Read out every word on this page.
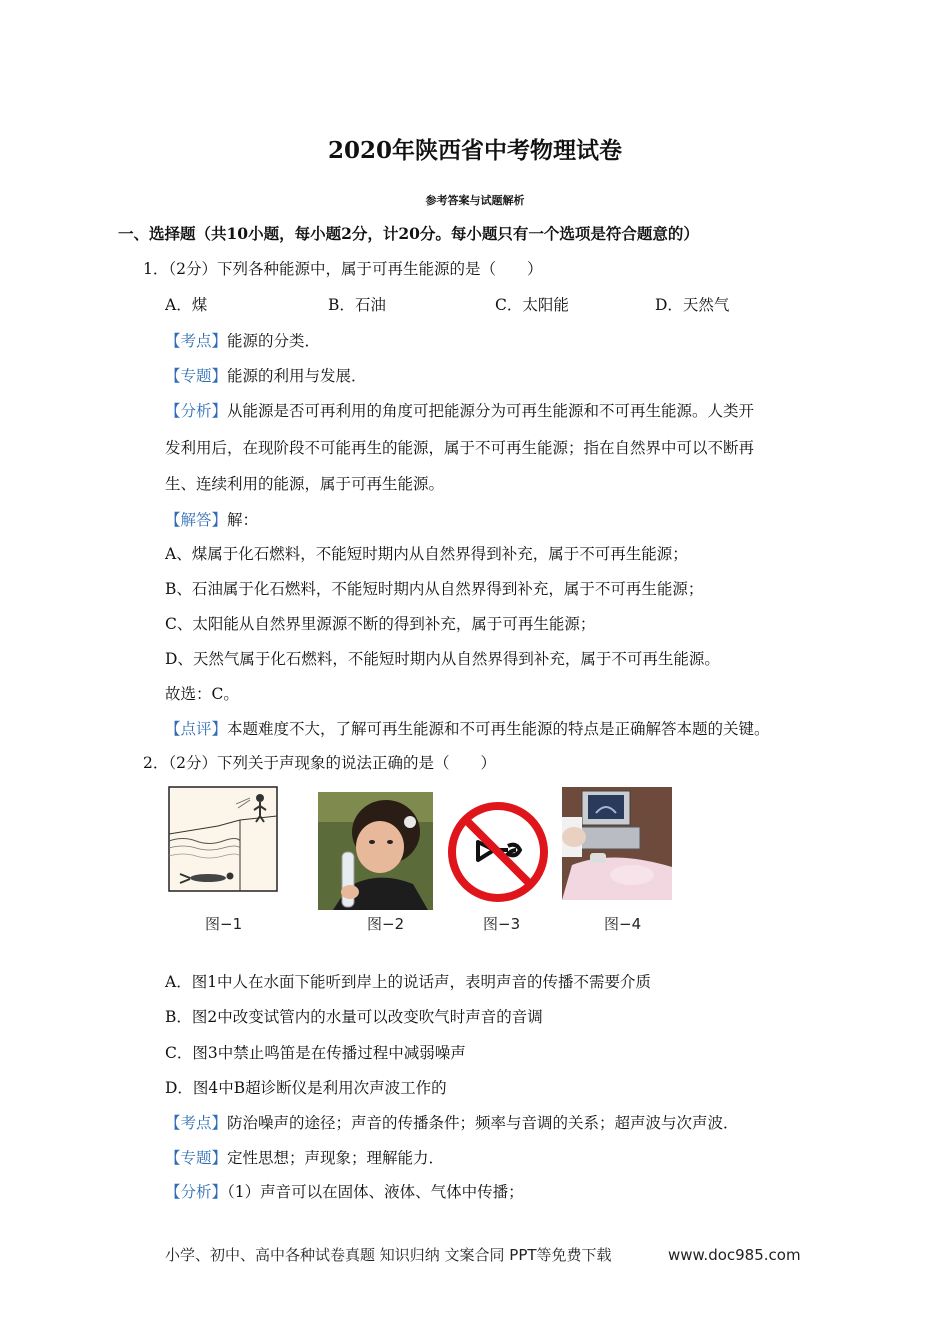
2020年陕西省中考物理试卷
参考答案与试题解析
一、选择题（共10小题，每小题2分，计20分。每小题只有一个选项是符合题意的）
1．（2分）下列各种能源中，属于可再生能源的是（　　）
A．煤	B．石油	C．太阳能	D．天然气
【考点】能源的分类．
【专题】能源的利用与发展．
【分析】从能源是否可再利用的角度可把能源分为可再生能源和不可再生能源。人类开
发利用后，在现阶段不可能再生的能源，属于不可再生能源；指在自然界中可以不断再
生、连续利用的能源，属于可再生能源。
【解答】解：
A、煤属于化石燃料，不能短时期内从自然界得到补充，属于不可再生能源；
B、石油属于化石燃料，不能短时期内从自然界得到补充，属于不可再生能源；
C、太阳能从自然界里源源不断的得到补充，属于可再生能源；
D、天然气属于化石燃料，不能短时期内从自然界得到补充，属于不可再生能源。
故选：C。
【点评】本题难度不大，了解可再生能源和不可再生能源的特点是正确解答本题的关键。
2．（2分）下列关于声现象的说法正确的是（　　）
图−1	图−2	图−3	图−4
A．图1中人在水面下能听到岸上的说话声，表明声音的传播不需要介质
B．图2中改变试管内的水量可以改变吹气时声音的音调
C．图3中禁止鸣笛是在传播过程中减弱噪声
D．图4中B超诊断仪是利用次声波工作的
【考点】防治噪声的途径；声音的传播条件；频率与音调的关系；超声波与次声波．
【专题】定性思想；声现象；理解能力．
【分析】（1）声音可以在固体、液体、气体中传播；
小学、初中、高中各种试卷真题 知识归纳 文案合同 PPT等免费下载	www.doc985.com
